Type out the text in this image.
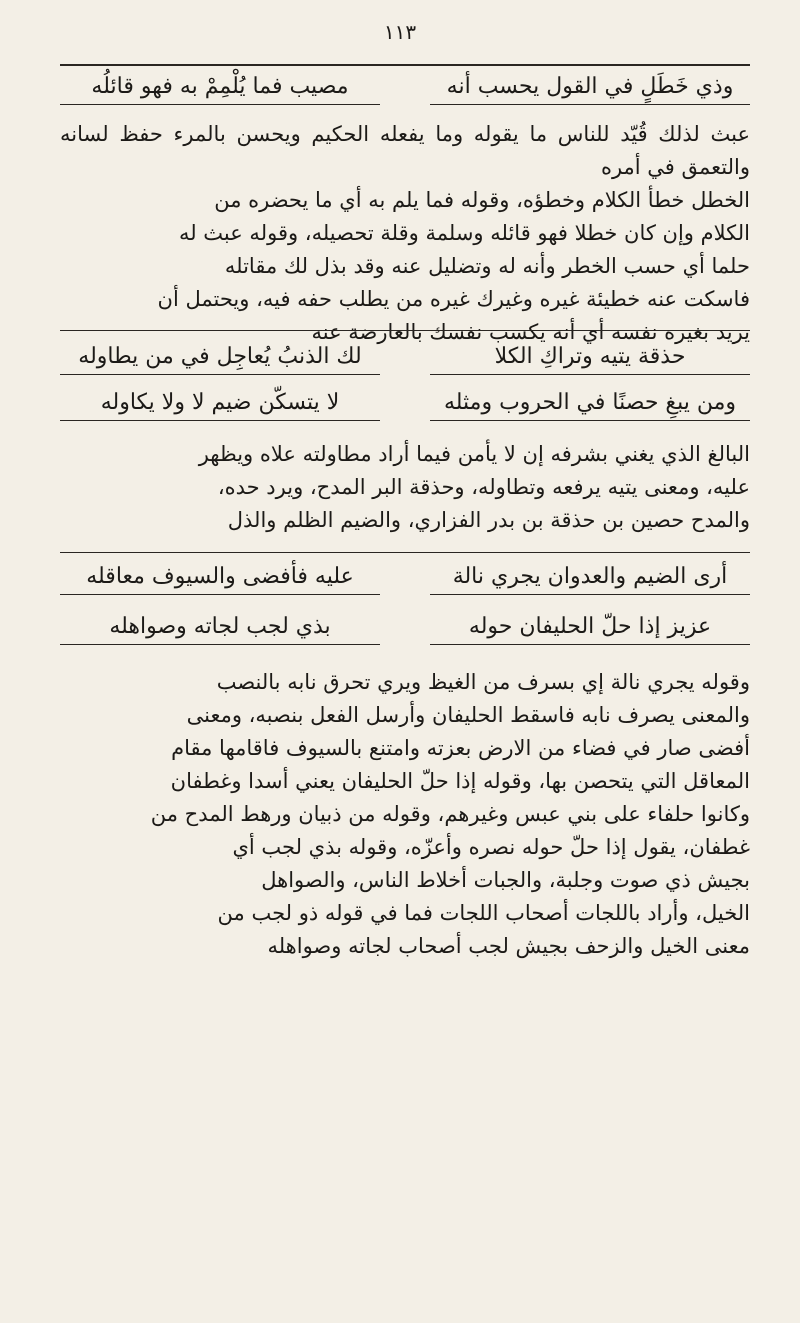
١١٣
وذي خَطَلٍ في القول يحسب أنه
مصيب فما يُلْمِمْ به فهو قائلُه

عبث لذلك قُيّد للناس ما يقوله وما يفعله الحكيم ويحسن بالمرء حفظ لسانه والتعمق في أمره

الخطل خطأ الكلام وخطؤه، وقوله فما يلم به أي ما يحضره من

الكلام وإن كان خطلا فهو قائله وسلمة وقلة تحصيله، وقوله عبث له

حلما أي حسب الخطر وأنه له وتضليل عنه وقد بذل لك مقاتله

فاسكت عنه خطيئة غيره وغيرك غيره من يطلب حفه فيه، ويحتمل أن

يريد بغيره نفسه أي أنه يكسب نفسك بالعارضة عنه

حذقة يتيه وتراكِ الكلا
لك الذنبُ يُعاجِل في من يطاوله
ومن يبغِ حصنًا في الحروب ومثله
لا يتسكّن ضيم لا ولا يكاوله

البالغ الذي يغني بشرفه إن لا يأمن فيما أراد مطاولته علاه ويظهر

عليه، ومعنى يتيه يرفعه وتطاوله، وحذقة البر المدح، ويرد حده،

والمدح حصين بن حذقة بن بدر الفزاري، والضيم الظلم والذل

أرى الضيم والعدوان يجري نالة
عليه فأفضى والسيوف معاقله
عزيز إذا حلّ الحليفان حوله
بذي لجب لجاته وصواهله

وقوله يجري نالة إي بسرف من الغيظ ويري تحرق نابه بالنصب

والمعنى يصرف نابه فاسقط الحليفان وأرسل الفعل بنصبه، ومعنى

أفضى صار في فضاء من الارض بعزته وامتنع بالسيوف فاقامها مقام

المعاقل التي يتحصن بها، وقوله إذا حلّ الحليفان يعني أسدا وغطفان

وكانوا حلفاء على بني عبس وغيرهم، وقوله من ذبيان ورهط المدح من

غطفان، يقول إذا حلّ حوله نصره وأعزّه، وقوله بذي لجب أي

بجيش ذي صوت وجلبة، والجبات أخلاط الناس، والصواهل

الخيل، وأراد باللجات أصحاب اللجات فما في قوله ذو لجب من

معنى الخيل والزحف بجيش لجب أصحاب لجاته وصواهله
